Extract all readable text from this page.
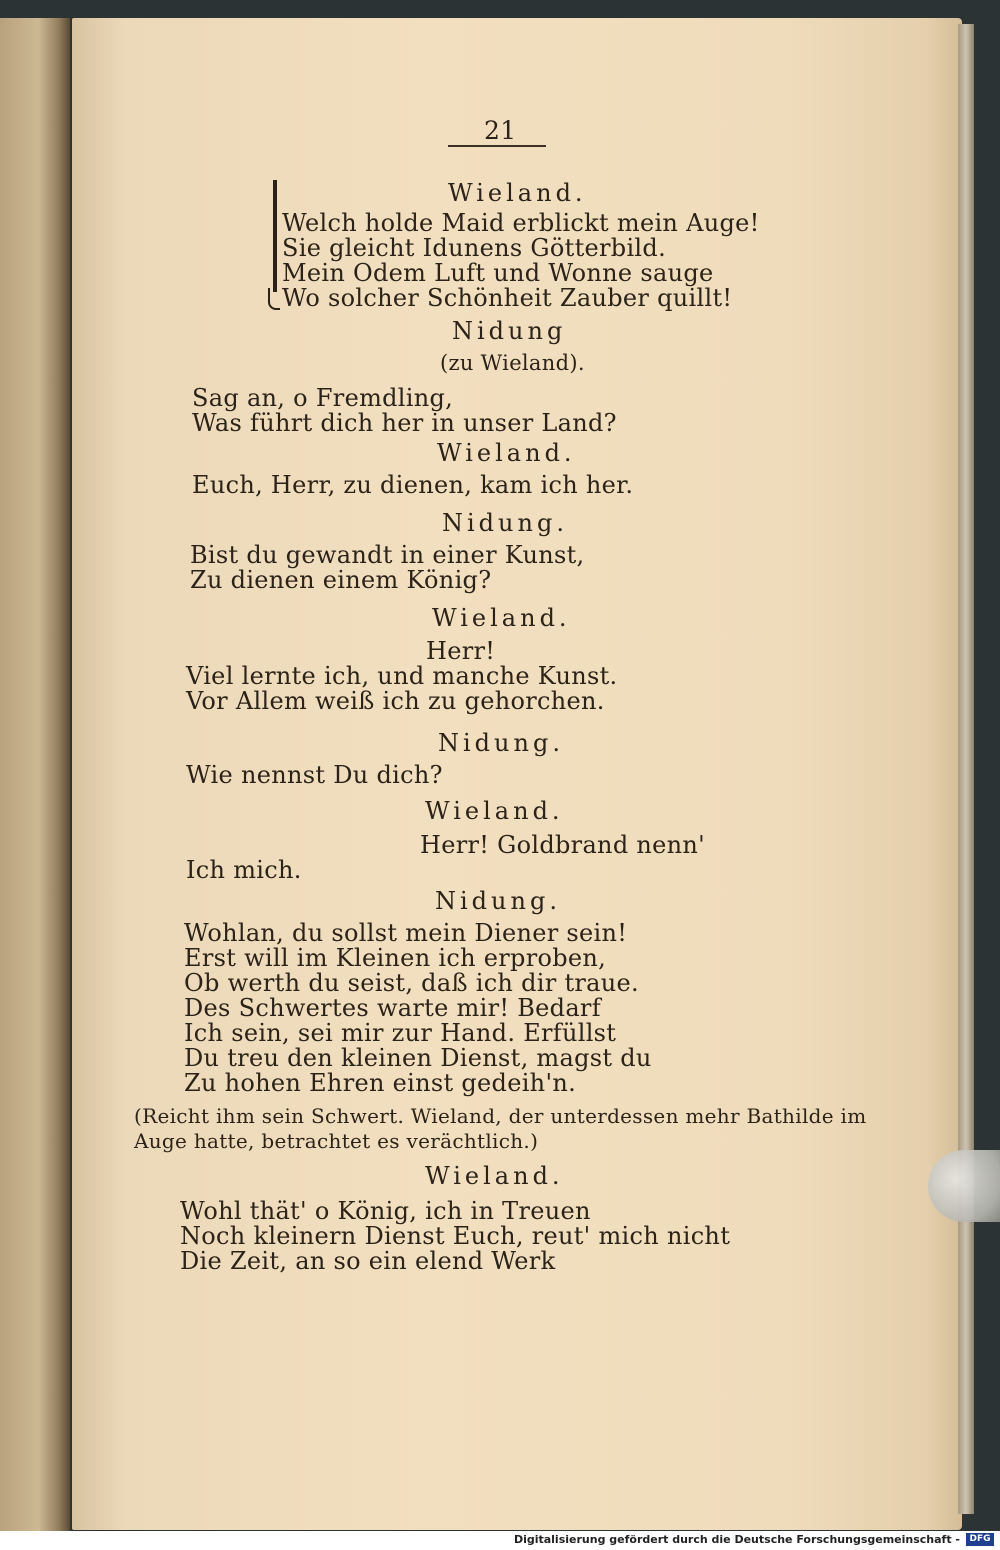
21
Wieland.
Welch holde Maid erblickt mein Auge!
Sie gleicht Idunens Götterbild.
Mein Odem Luft und Wonne sauge
Wo solcher Schönheit Zauber quillt!
Nidung
(zu Wieland).
Sag an, o Fremdling,
Was führt dich her in unser Land?
Wieland.
Euch, Herr, zu dienen, kam ich her.
Nidung.
Bist du gewandt in einer Kunst,
Zu dienen einem König?
Wieland.
Herr!
Viel lernte ich, und manche Kunst.
Vor Allem weiß ich zu gehorchen.
Nidung.
Wie nennst Du dich?
Wieland.
Herr! Goldbrand nenn'
Ich mich.
Nidung.
Wohlan, du sollst mein Diener sein!
Erst will im Kleinen ich erproben,
Ob werth du seist, daß ich dir traue.
Des Schwertes warte mir! Bedarf
Ich sein, sei mir zur Hand. Erfüllst
Du treu den kleinen Dienst, magst du
Zu hohen Ehren einst gedeih'n.
(Reicht ihm sein Schwert. Wieland, der unterdessen mehr Bathilde im
Auge hatte, betrachtet es verächtlich.)
Wieland.
Wohl thät' o König, ich in Treuen
Noch kleinern Dienst Euch, reut' mich nicht
Die Zeit, an so ein elend Werk
Digitalisierung gefördert durch die Deutsche Forschungsgemeinschaft -	DFG
